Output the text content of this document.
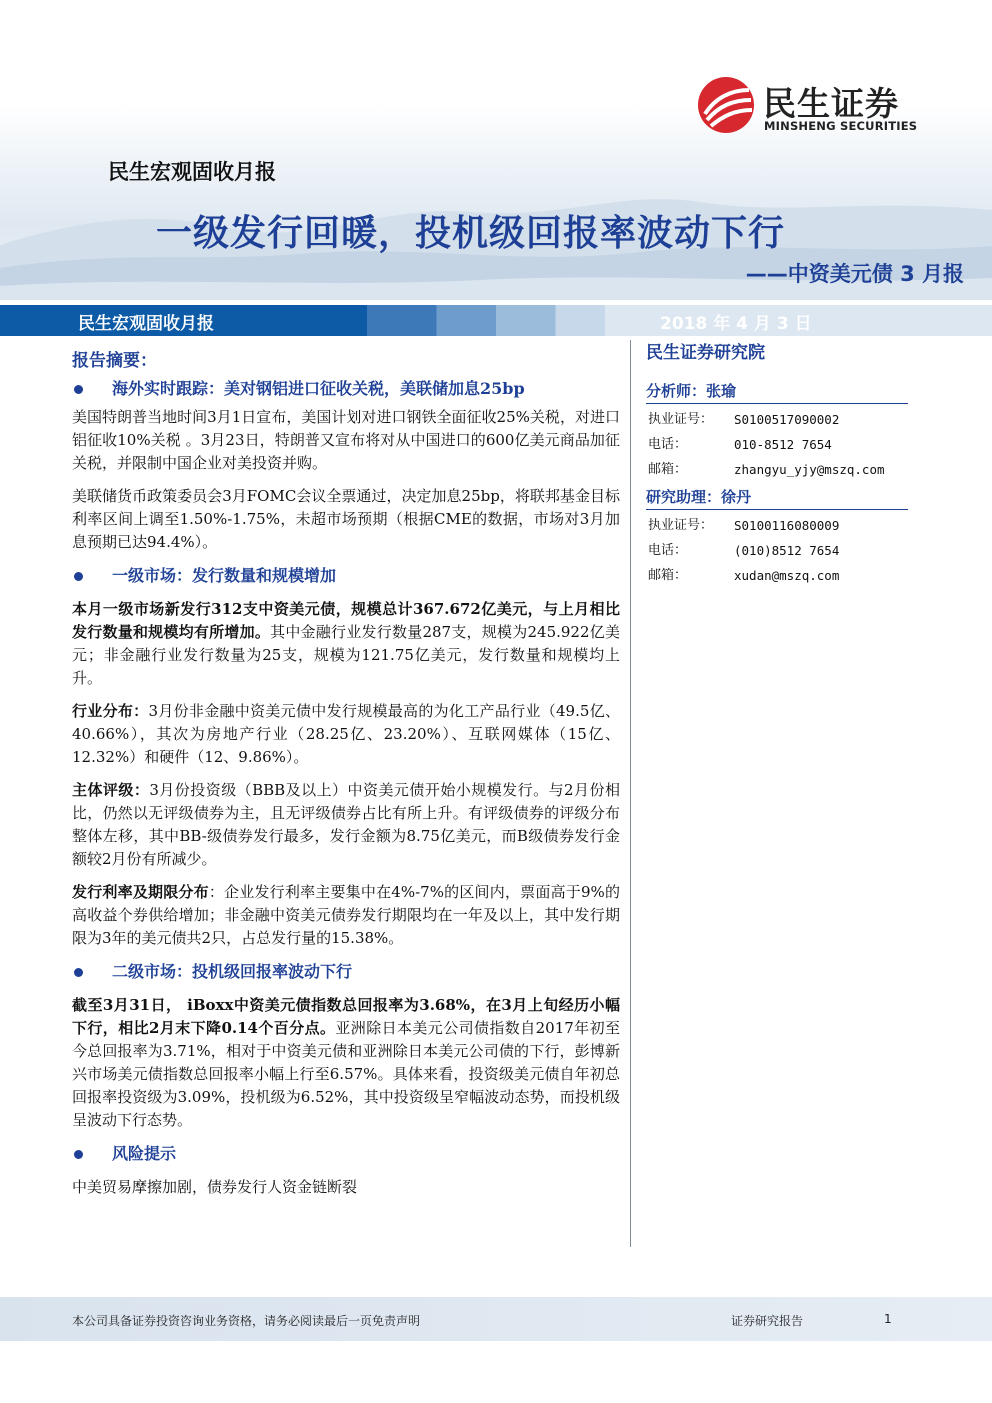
民生证券
MINSHENG SECURITIES
民生宏观固收月报
一级发行回暖，投机级回报率波动下行
——中资美元债 3 月报
民生宏观固收月报	2018 年 4 月 3 日
报告摘要：
海外实时跟踪：美对钢铝进口征收关税，美联储加息25bp

美国特朗普当地时间3月1日宣布，美国计划对进口钢铁全面征收25%关税，对进口铝征收10%关税 。3月23日，特朗普又宣布将对从中国进口的600亿美元商品加征关税，并限制中国企业对美投资并购。

美联储货币政策委员会3月FOMC会议全票通过，决定加息25bp，将联邦基金目标利率区间上调至1.50%-1.75%，未超市场预期（根据CME的数据，市场对3月加息预期已达94.4%）。

一级市场：发行数量和规模增加

本月一级市场新发行312支中资美元债，规模总计367.672亿美元，与上月相比发行数量和规模均有所增加。其中金融行业发行数量287支，规模为245.922亿美元；非金融行业发行数量为25支，规模为121.75亿美元，发行数量和规模均上升。

行业分布：3月份非金融中资美元债中发行规模最高的为化工产品行业（49.5亿、40.66%），其次为房地产行业（28.25亿、23.20%）、互联网媒体（15亿、12.32%）和硬件（12、9.86%）。

主体评级：3月份投资级（BBB及以上）中资美元债开始小规模发行。与2月份相比，仍然以无评级债券为主，且无评级债券占比有所上升。有评级债券的评级分布整体左移，其中BB-级债券发行最多，发行金额为8.75亿美元，而B级债券发行金额较2月份有所减少。

发行利率及期限分布：企业发行利率主要集中在4%-7%的区间内，票面高于9%的高收益个券供给增加；非金融中资美元债券发行期限均在一年及以上，其中发行期限为3年的美元债共2只，占总发行量的15.38%。

二级市场：投机级回报率波动下行

截至3月31日， iBoxx中资美元债指数总回报率为3.68%，在3月上旬经历小幅下行，相比2月末下降0.14个百分点。亚洲除日本美元公司债指数自2017年初至今总回报率为3.71%，相对于中资美元债和亚洲除日本美元公司债的下行，彭博新兴市场美元债指数总回报率小幅上行至6.57%。具体来看，投资级美元债自年初总回报率投资级为3.09%，投机级为6.52%，其中投资级呈窄幅波动态势，而投机级呈波动下行态势。

风险提示

中美贸易摩擦加剧，债券发行人资金链断裂

民生证券研究院
分析师：张瑜
执业证号： S0100517090002
电话：	010-8512 7654
邮箱：	zhangyu_yjy@mszq.com
研究助理：徐丹
执业证号： S0100116080009
电话：	(010)8512 7654
邮箱：	xudan@mszq.com
本公司具备证券投资咨询业务资格，请务必阅读最后一页免责声明	证券研究报告	1
